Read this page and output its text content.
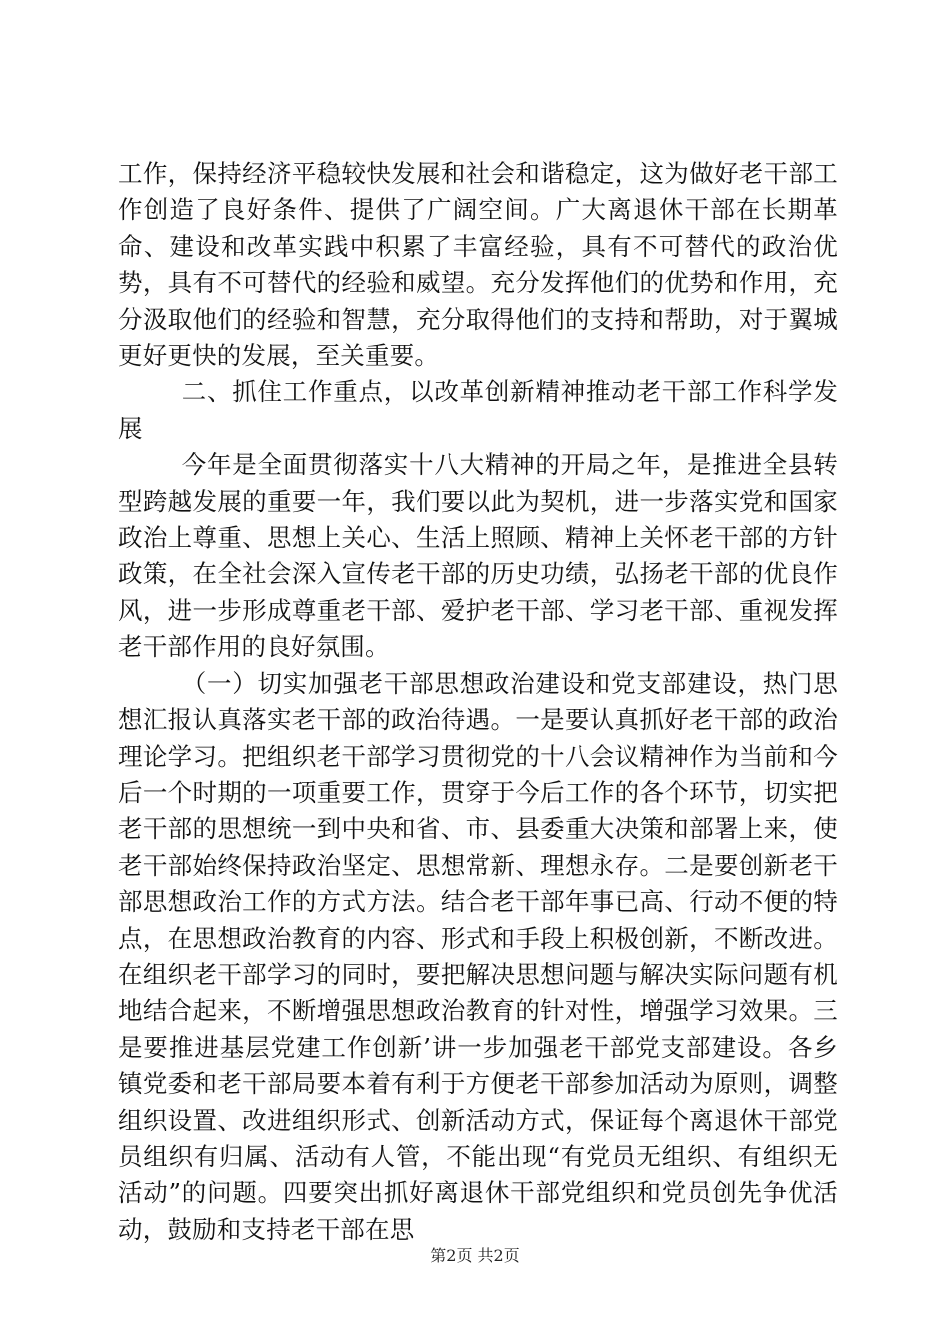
工作，保持经济平稳较快发展和社会和谐稳定，这为做好老干部工作创造了良好条件、提供了广阔空间。广大离退休干部在长期革命、建设和改革实践中积累了丰富经验，具有不可替代的政治优势，具有不可替代的经验和威望。充分发挥他们的优势和作用，充分汲取他们的经验和智慧，充分取得他们的支持和帮助，对于翼城更好更快的发展，至关重要。

二、抓住工作重点，以改革创新精神推动老干部工作科学发展

今年是全面贯彻落实十八大精神的开局之年，是推进全县转型跨越发展的重要一年，我们要以此为契机，进一步落实党和国家政治上尊重、思想上关心、生活上照顾、精神上关怀老干部的方针政策，在全社会深入宣传老干部的历史功绩，弘扬老干部的优良作风，进一步形成尊重老干部、爱护老干部、学习老干部、重视发挥老干部作用的良好氛围。

（一）切实加强老干部思想政治建设和党支部建设，热门思想汇报认真落实老干部的政治待遇。一是要认真抓好老干部的政治理论学习。把组织老干部学习贯彻党的十八会议精神作为当前和今后一个时期的一项重要工作，贯穿于今后工作的各个环节，切实把老干部的思想统一到中央和省、市、县委重大决策和部署上来，使老干部始终保持政治坚定、思想常新、理想永存。二是要创新老干部思想政治工作的方式方法。结合老干部年事已高、行动不便的特点，在思想政治教育的内容、形式和手段上积极创新，不断改进。在组织老干部学习的同时，要把解决思想问题与解决实际问题有机地结合起来，不断增强思想政治教育的针对性，增强学习效果。三是要推进基层党建工作创新’讲一步加强老干部党支部建设。各乡镇党委和老干部局要本着有利于方便老干部参加活动为原则，调整组织设置、改进组织形式、创新活动方式，保证每个离退休干部党员组织有归属、活动有人管，不能出现“有党员无组织、有组织无活动”的问题。四要突出抓好离退休干部党组织和党员创先争优活动，鼓励和支持老干部在思

第2页 共2页
